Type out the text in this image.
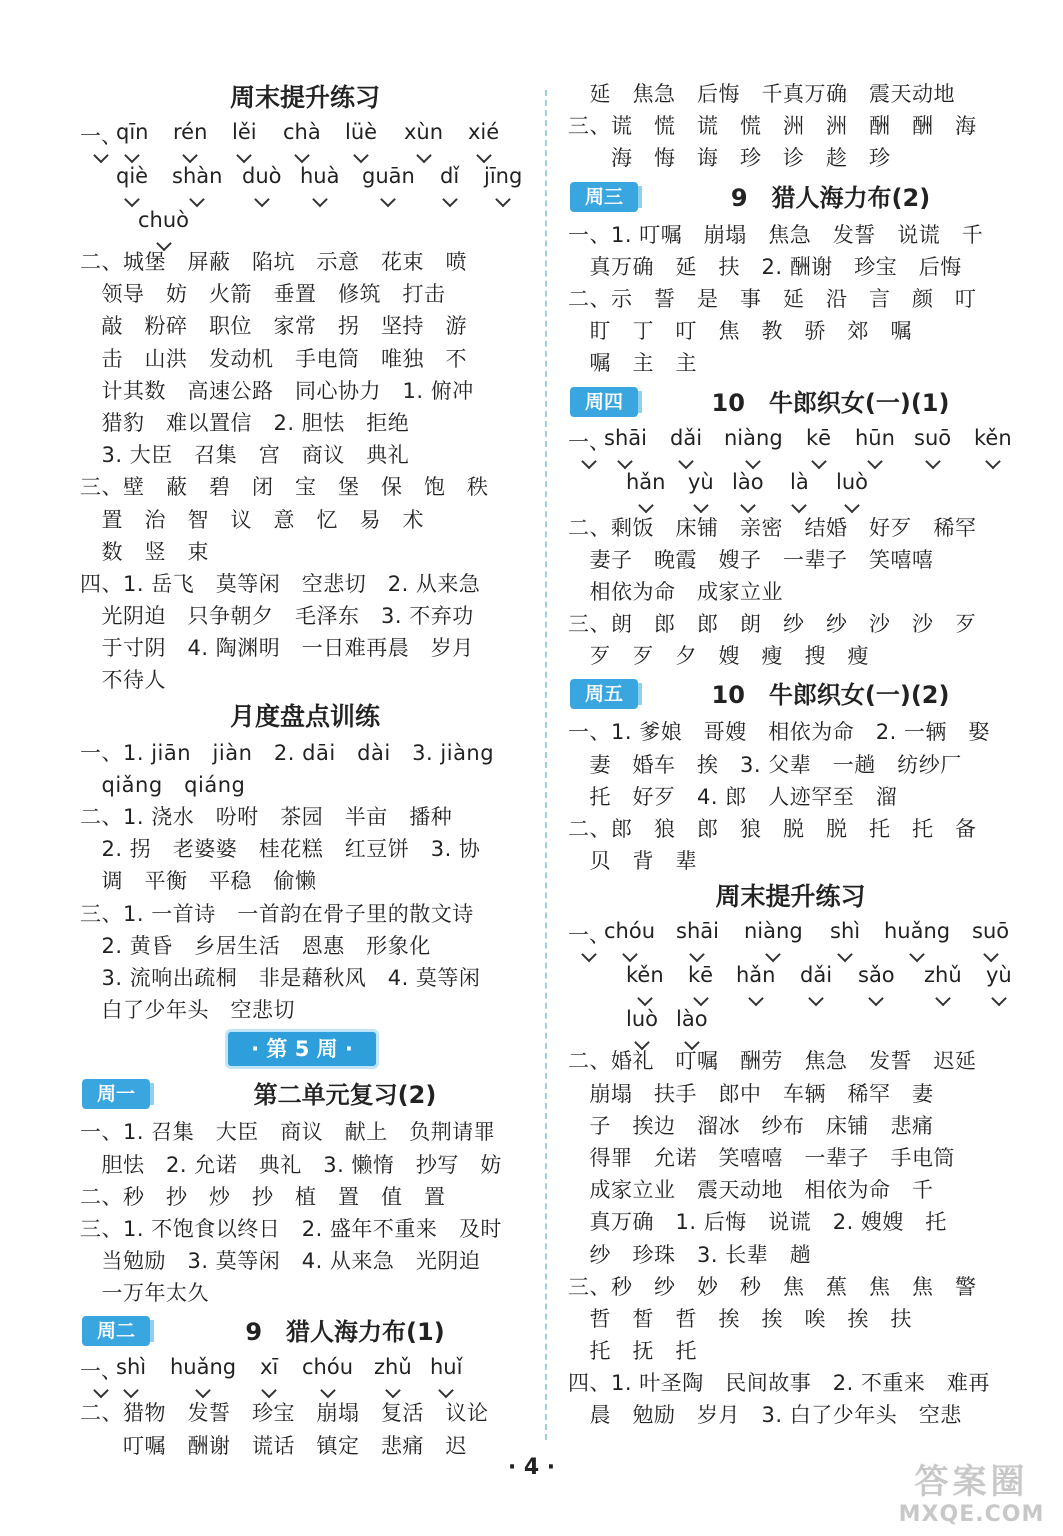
周末提升练习
一、
qīn rén lěi chà lüè xùn xié
qiè shàn duò huà guān dǐ jīng
chuò
二、城堡　屏蔽　陷坑　示意　花束　喷
　领导　妨　火箭　垂置　修筑　打击
　敲　粉碎　职位　家常　拐　坚持　游
　击　山洪　发动机　手电筒　唯独　不
　计其数　高速公路　同心协力　1. 俯冲
　猎豹　难以置信　2. 胆怯　拒绝
　3. 大臣　召集　宫　商议　典礼
三、壁　蔽　碧　闭　宝　堡　保　饱　秩
　置　治　智　议　意　忆　易　术
　数　竖　束
四、1. 岳飞　莫等闲　空悲切　2. 从来急
　光阴迫　只争朝夕　毛泽东　3. 不弃功
　于寸阴　4. 陶渊明　一日难再晨　岁月
　不待人
月度盘点训练
一、1. jiān　jiàn　2. dāi　dài　3. jiàng
　qiǎng　qiáng
二、1. 浇水　吩咐　茶园　半亩　播种
　2. 拐　老婆婆　桂花糕　红豆饼　3. 协
　调　平衡　平稳　偷懒
三、1. 一首诗　一首韵在骨子里的散文诗
　2. 黄昏　乡居生活　恩惠　形象化
　3. 流响出疏桐　非是藉秋风　4. 莫等闲
　白了少年头　空悲切
· 第 5 周 ·
周一	第二单元复习(2)
一、1. 召集　大臣　商议　献上　负荆请罪
　胆怯　2. 允诺　典礼　3. 懒惰　抄写　妨
二、秒　抄　炒　抄　植　置　值　置
三、1. 不饱食以终日　2. 盛年不重来　及时
　当勉励　3. 莫等闲　4. 从来急　光阴迫
　一万年太久
周二	9　猎人海力布(1)
一、
shì huǎng xī chóu zhǔ huǐ
二、猎物　发誓　珍宝　崩塌　复活　议论
　　叮嘱　酬谢　谎话　镇定　悲痛　迟
　延　焦急　后悔　千真万确　震天动地
三、谎　慌　谎　慌　洲　洲　酬　酬　海
　　海　悔　诲　珍　诊　趁　珍
周三	9　猎人海力布(2)
一、1. 叮嘱　崩塌　焦急　发誓　说谎　千
　真万确　延　扶　2. 酬谢　珍宝　后悔
二、示　誓　是　事　延　沿　言　颜　叮
　盯　丁　叮　焦　教　骄　郊　嘱
　嘱　主　主
周四	10　牛郎织女(一)(1)
一、
shāi dǎi niàng kē hūn suō kěn
hǎn yù lào là luò
二、剩饭　床铺　亲密　结婚　好歹　稀罕
　妻子　晚霞　嫂子　一辈子　笑嘻嘻
　相依为命　成家立业
三、朗　郎　郎　朗　纱　纱　沙　沙　歹
　歹　歹　夕　嫂　瘦　搜　瘦
周五	10　牛郎织女(一)(2)
一、1. 爹娘　哥嫂　相依为命　2. 一辆　娶
　妻　婚车　挨　3. 父辈　一趟　纺纱厂
　托　好歹　4. 郎　人迹罕至　溜
二、郎　狼　郎　狼　脱　脱　托　托　备
　贝　背　辈
周末提升练习
一、
chóu shāi niàng shì huǎng suō
kěn kē hǎn dǎi sǎo zhǔ yù
luò lào
二、婚礼　叮嘱　酬劳　焦急　发誓　迟延
　崩塌　扶手　郎中　车辆　稀罕　妻
　子　挨边　溜冰　纱布　床铺　悲痛
　得罪　允诺　笑嘻嘻　一辈子　手电筒
　成家立业　震天动地　相依为命　千
　真万确　1. 后悔　说谎　2. 嫂嫂　托
　纱　珍珠　3. 长辈　趟
三、秒　纱　妙　秒　焦　蕉　焦　焦　警
　哲　皙　哲　挨　挨　唉　挨　扶
　托　抚　托
四、1. 叶圣陶　民间故事　2. 不重来　难再
　晨　勉励　岁月　3. 白了少年头　空悲
· 4 ·	答案圈
MXQE.COM
